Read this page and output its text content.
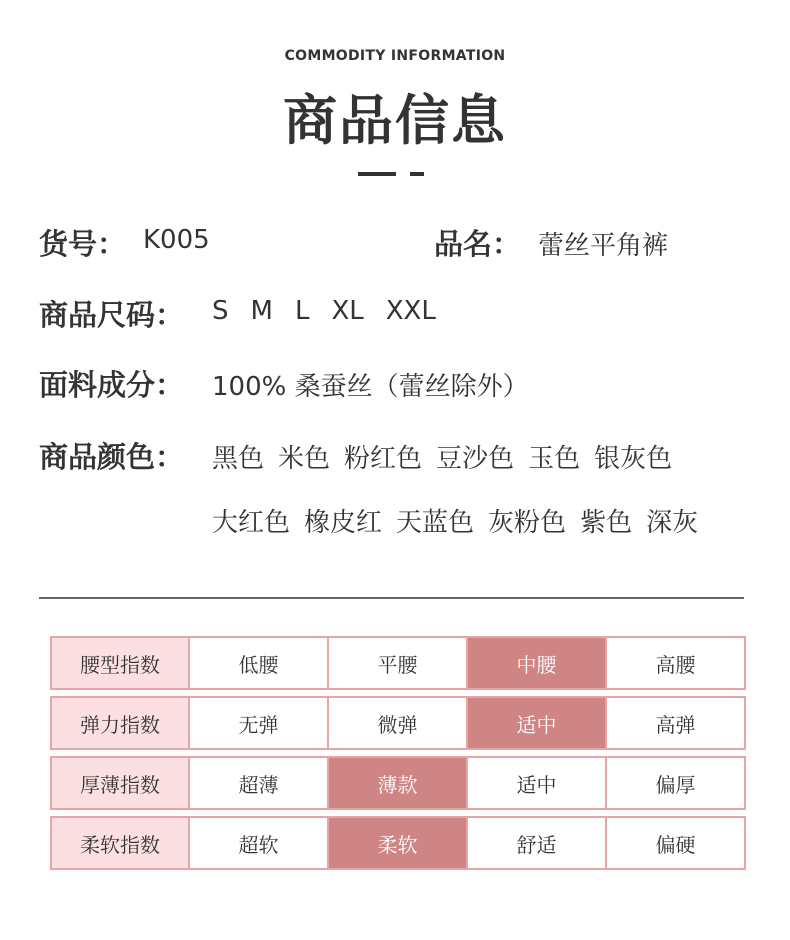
COMMODITY INFORMATION
商品信息
货号： K005	品名： 蕾丝平角裤
商品尺码： S M L XL XXL
面料成分： 100% 桑蚕丝（蕾丝除外）
商品颜色： 黑色 米色 粉红色 豆沙色 玉色 银灰色
大红色 橡皮红 天蓝色 灰粉色 紫色 深灰
腰型指数	低腰	平腰	中腰	高腰
弹力指数	无弹	微弹	适中	高弹
厚薄指数	超薄	薄款	适中	偏厚
柔软指数	超软	柔软	舒适	偏硬
